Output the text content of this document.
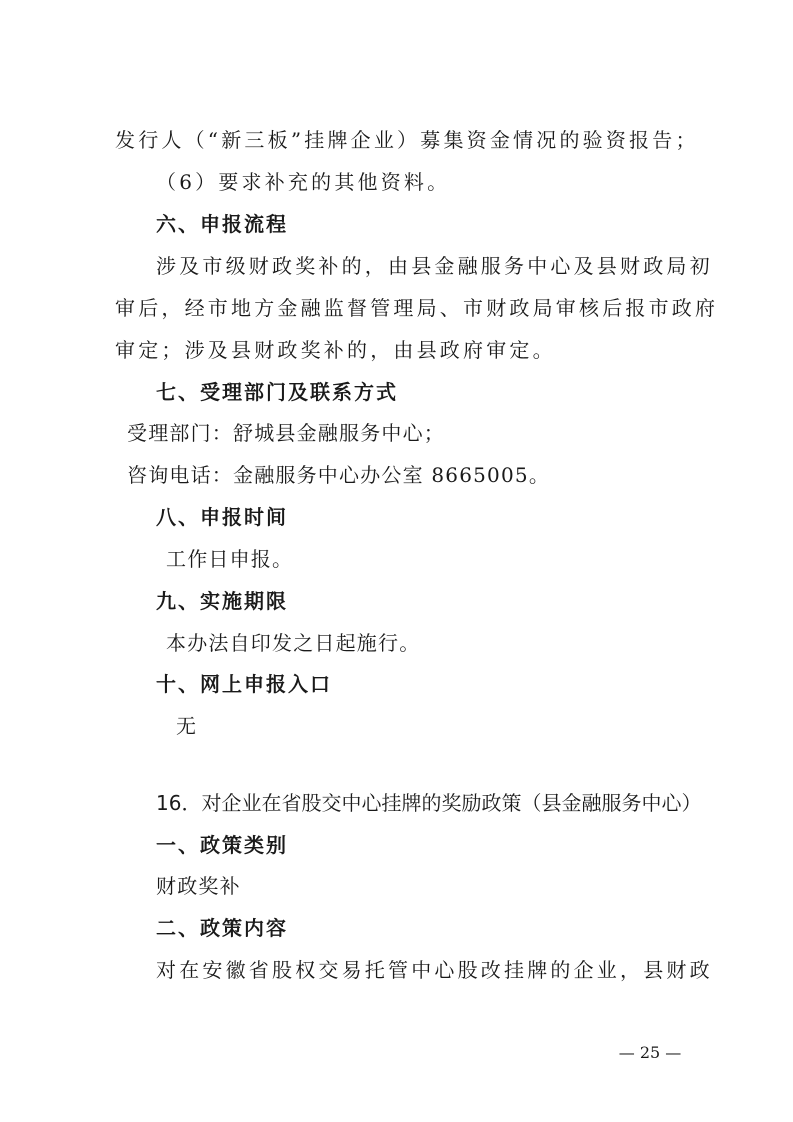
发行人（“新三板”挂牌企业）募集资金情况的验资报告；
（6）要求补充的其他资料。
六、申报流程
涉及市级财政奖补的，由县金融服务中心及县财政局初
审后，经市地方金融监督管理局、市财政局审核后报市政府
审定；涉及县财政奖补的，由县政府审定。
七、受理部门及联系方式
受理部门：舒城县金融服务中心；
咨询电话：金融服务中心办公室 8665005。
八、申报时间
工作日申报。
九、实施期限
本办法自印发之日起施行。
十、网上申报入口
无
16．对企业在省股交中心挂牌的奖励政策（县金融服务中心）
一、政策类别
财政奖补
二、政策内容
对在安徽省股权交易托管中心股改挂牌的企业，县财政
— 25 —
